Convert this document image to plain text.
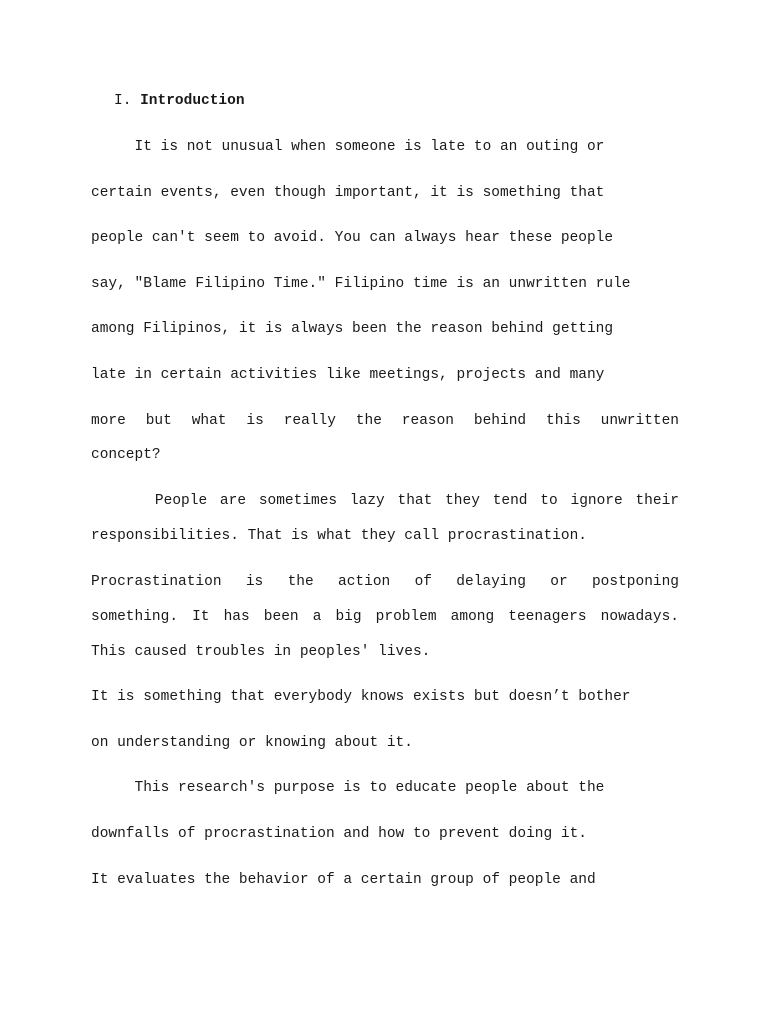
I. Introduction
It is not unusual when someone is late to an outing or
certain events, even though important, it is something that
people can't seem to avoid. You can always hear these people
say, "Blame Filipino Time." Filipino time is an unwritten rule
among Filipinos, it is always been the reason behind getting
late in certain activities like meetings, projects and many
more but what is really the reason behind this unwritten
concept?
People are sometimes lazy that they tend to ignore their
responsibilities. That is what they call procrastination.
Procrastination is the action of delaying or postponing
something. It has been a big problem among teenagers nowadays.
This caused troubles in peoples' lives.
It is something that everybody knows exists but doesn’t bother
on understanding or knowing about it.
This research's purpose is to educate people about the
downfalls of procrastination and how to prevent doing it.
It evaluates the behavior of a certain group of people and
